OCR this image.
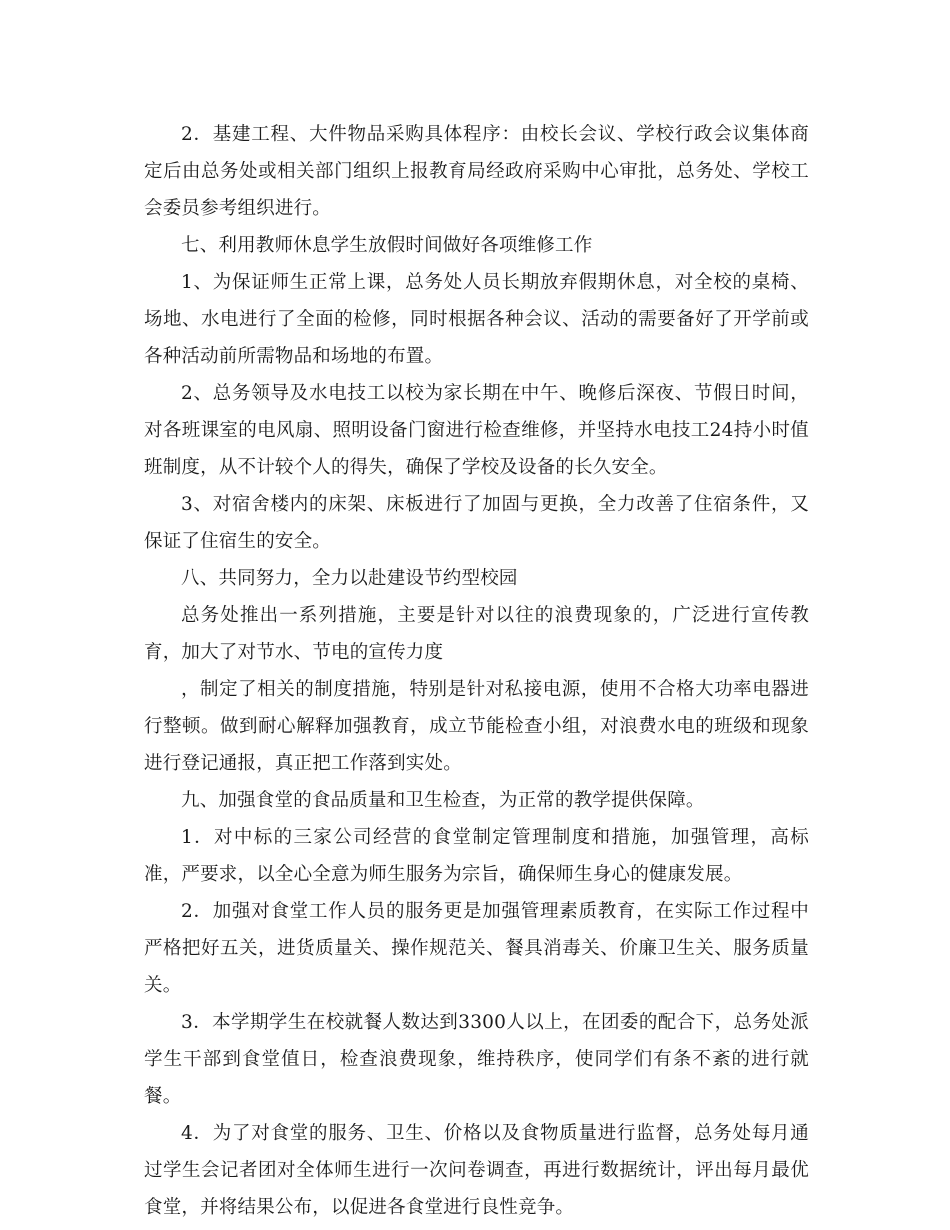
2．基建工程、大件物品采购具体程序：由校长会议、学校行政会议集体商定后由总务处或相关部门组织上报教育局经政府采购中心审批，总务处、学校工会委员参考组织进行。

七、利用教师休息学生放假时间做好各项维修工作

1、为保证师生正常上课，总务处人员长期放弃假期休息，对全校的桌椅、场地、水电进行了全面的检修，同时根据各种会议、活动的需要备好了开学前或各种活动前所需物品和场地的布置。

2、总务领导及水电技工以校为家长期在中午、晚修后深夜、节假日时间，对各班课室的电风扇、照明设备门窗进行检查维修，并坚持水电技工24持小时值班制度，从不计较个人的得失，确保了学校及设备的长久安全。

3、对宿舍楼内的床架、床板进行了加固与更换，全力改善了住宿条件，又保证了住宿生的安全。

八、共同努力，全力以赴建设节约型校园

总务处推出一系列措施，主要是针对以往的浪费现象的，广泛进行宣传教育，加大了对节水、节电的宣传力度

，制定了相关的制度措施，特别是针对私接电源，使用不合格大功率电器进行整顿。做到耐心解释加强教育，成立节能检查小组，对浪费水电的班级和现象进行登记通报，真正把工作落到实处。

九、加强食堂的食品质量和卫生检查，为正常的教学提供保障。

1．对中标的三家公司经营的食堂制定管理制度和措施，加强管理，高标准，严要求，以全心全意为师生服务为宗旨，确保师生身心的健康发展。

2．加强对食堂工作人员的服务更是加强管理素质教育，在实际工作过程中严格把好五关，进货质量关、操作规范关、餐具消毒关、价廉卫生关、服务质量关。

3．本学期学生在校就餐人数达到3300人以上，在团委的配合下，总务处派学生干部到食堂值日，检查浪费现象，维持秩序，使同学们有条不紊的进行就餐。

4．为了对食堂的服务、卫生、价格以及食物质量进行监督，总务处每月通过学生会记者团对全体师生进行一次问卷调查，再进行数据统计，评出每月最优食堂，并将结果公布，以促进各食堂进行良性竞争。
